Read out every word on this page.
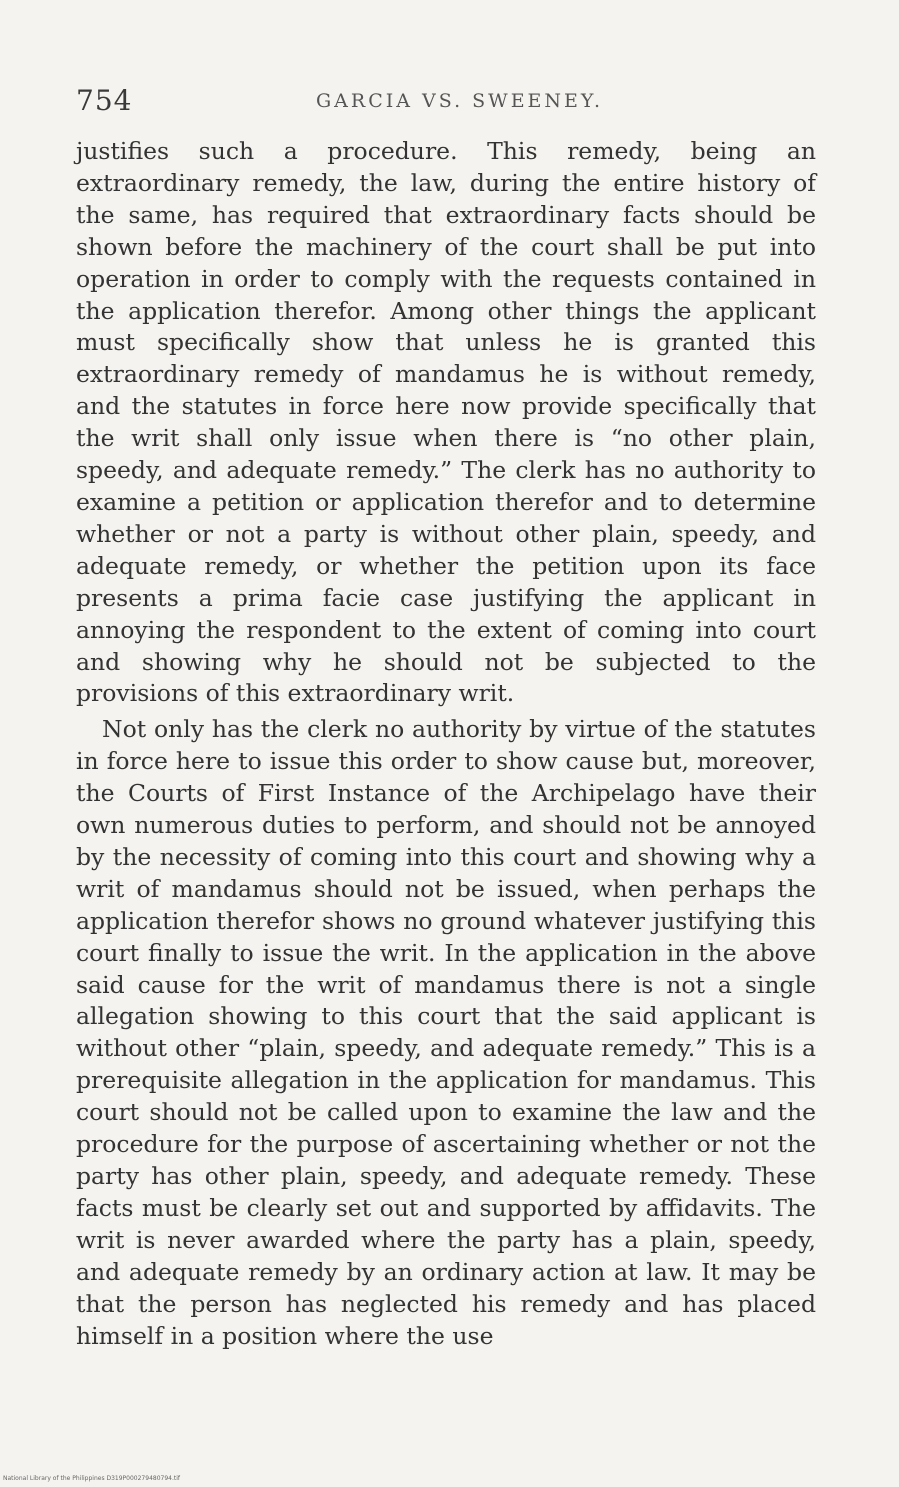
754	GARCIA VS. SWEENEY.

justifies such a procedure. This remedy, being an extraordinary remedy, the law, during the entire history of the same, has required that extraordinary facts should be shown before the machinery of the court shall be put into operation in order to comply with the requests contained in the application therefor. Among other things the applicant must specifically show that unless he is granted this extraordinary remedy of mandamus he is without remedy, and the statutes in force here now provide specifically that the writ shall only issue when there is “no other plain, speedy, and adequate remedy.” The clerk has no authority to examine a petition or application therefor and to determine whether or not a party is without other plain, speedy, and adequate remedy, or whether the petition upon its face presents a prima facie case justifying the applicant in annoying the respondent to the extent of coming into court and showing why he should not be subjected to the provisions of this extraordinary writ.

Not only has the clerk no authority by virtue of the statutes in force here to issue this order to show cause but, moreover, the Courts of First Instance of the Archipelago have their own numerous duties to perform, and should not be annoyed by the necessity of coming into this court and showing why a writ of mandamus should not be issued, when perhaps the application therefor shows no ground whatever justifying this court finally to issue the writ. In the application in the above said cause for the writ of mandamus there is not a single allegation showing to this court that the said applicant is without other “plain, speedy, and adequate remedy.” This is a prerequisite allegation in the application for mandamus. This court should not be called upon to examine the law and the procedure for the purpose of ascertaining whether or not the party has other plain, speedy, and adequate remedy. These facts must be clearly set out and supported by affidavits. The writ is never awarded where the party has a plain, speedy, and adequate remedy by an ordinary action at law. It may be that the person has neglected his remedy and has placed himself in a position where the use

National Library of the Philippines D319P000279480794.tif
